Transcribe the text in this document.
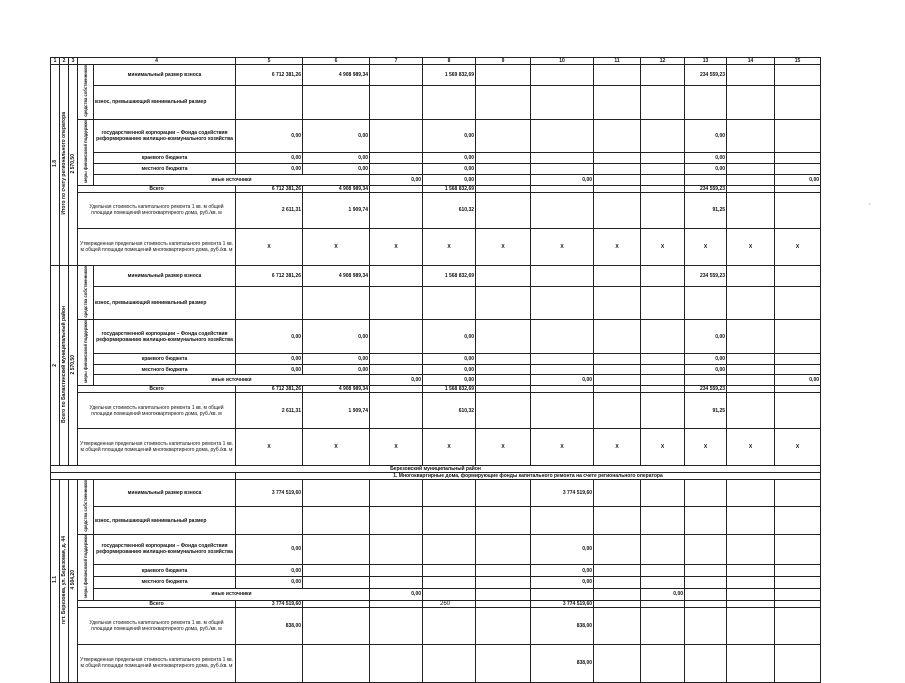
1	2	3	4		5	6	7	8	9	10	11	12	13	14	15	
1.8	Итого по счету регионального оператора	2 570,50	средства собственников	минимальный размер взноса	6 712 381,26	4 908 989,34		1 569 832,69					234 559,23			
				взнос, превышающий минимальный размер												
			меры финансовой поддержки	государственной корпорации – Фонда содействия реформированию жилищно-коммунального хозяйства	0,00	0,00		0,00					0,00			
				краевого бюджета	0,00	0,00		0,00					0,00			
				местного бюджета	0,00	0,00		0,00					0,00			
				иные источники			0,00	0,00		0,00					0,00		
			Всего		6 712 381,26	4 908 989,34		1 568 832,69					234 559,23			
			Удельная стоимость капитального ремонта 1 кв. м общей площади помещений многоквартирного дома, руб./кв. м		2 611,31	1 909,74		610,32					91,25			
			Утвержденная предельная стоимость капитального ремонта 1 кв. м общей площади помещений многоквартирного дома, руб./кв. м		X	X	X	X	X	X	X	X	X	X	X	
2	Всего по Балахтинский муниципальный район	2 570,50	средства собственников	минимальный размер взноса	6 712 381,26	4 908 989,34		1 568 832,69					234 559,23			
				взнос, превышающий минимальный размер												
			меры финансовой поддержки	государственной корпорации – Фонда содействия реформированию жилищно-коммунального хозяйства	0,00	0,00		0,00					0,00			
				краевого бюджета	0,00	0,00		0,00					0,00			
				местного бюджета	0,00	0,00		0,00					0,00			
				иные источники			0,00	0,00		0,00					0,00		
			Всего		6 712 381,26	4 908 989,34		1 568 832,69					234 559,23			
			Удельная стоимость капитального ремонта 1 кв. м общей площади помещений многоквартирного дома, руб./кв. м		2 611,31	1 909,74		610,32					91,25			
			Утвержденная предельная стоимость капитального ремонта 1 кв. м общей площади помещений многоквартирного дома, руб./кв. м		X	X	X	X	X	X	X	X	X	X	X	
Березовский муниципальный район																
					1. Многоквартирные дома, формирующие фонды капитального ремонта на счете регионального оператора											
1.1	пгт. Березовка, ул. Березовая, д. 44	4 504,20	средства собственников	минимальный размер взноса	3 774 519,60					3 774 519,60						
				взнос, превышающий минимальный размер												
			меры финансовой поддержки	государственной корпорации – Фонда содействия реформированию жилищно-коммунального хозяйства	0,00					0,00						
				краевого бюджета	0,00					0,00						
				местного бюджета	0,00					0,00						
				иные источники			0,00					0,00					
			Всего		3 774 519,60					3 774 519,60						
			Удельная стоимость капитального ремонта 1 кв. м общей площади помещений многоквартирного дома, руб./кв. м		838,00					838,00						
			Утвержденная предельная стоимость капитального ремонта 1 кв. м общей площади помещений многоквартирного дома, руб./кв. м							838,00						
,
260
